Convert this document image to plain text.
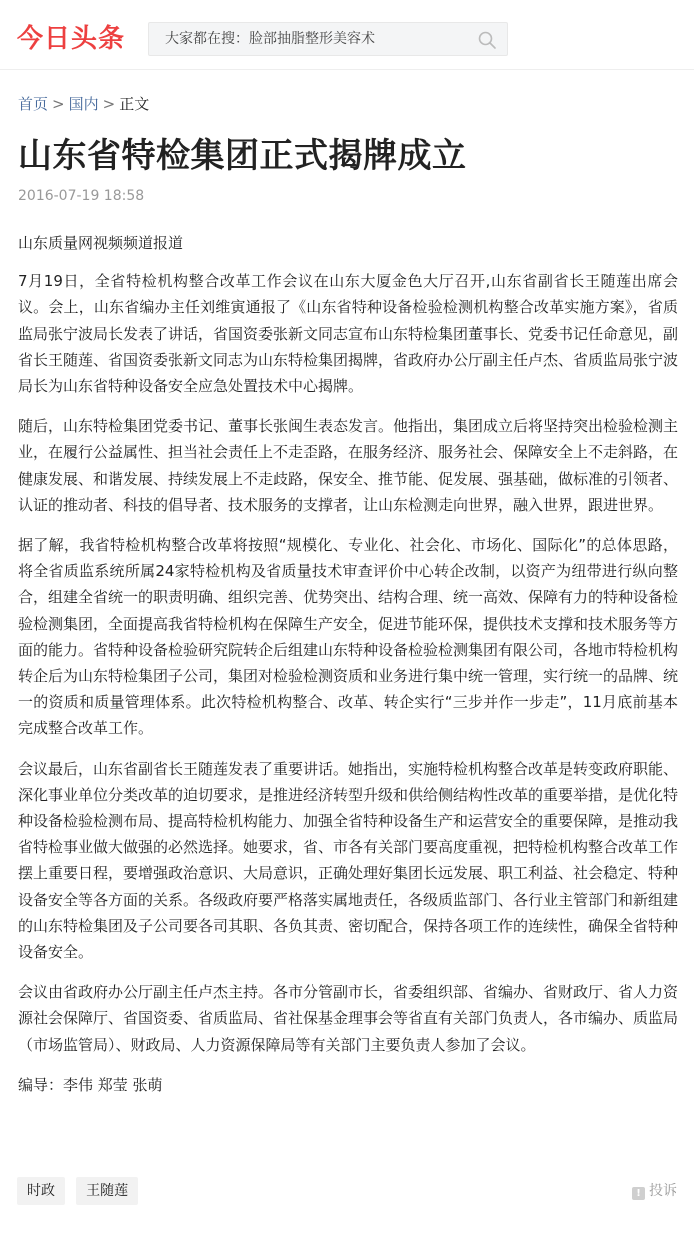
今日头条	大家都在搜：脸部抽脂整形美容术
首页 > 国内 > 正文
山东省特检集团正式揭牌成立
2016-07-19 18:58

山东质量网视频频道报道

7月19日，全省特检机构整合改革工作会议在山东大厦金色大厅召开,山东省副省长王随莲出席会议。会上，山东省编办主任刘维寅通报了《山东省特种设备检验检测机构整合改革实施方案》，省质监局张宁波局长发表了讲话，省国资委张新文同志宣布山东特检集团董事长、党委书记任命意见，副省长王随莲、省国资委张新文同志为山东特检集团揭牌，省政府办公厅副主任卢杰、省质监局张宁波局长为山东省特种设备安全应急处置技术中心揭牌。

随后，山东特检集团党委书记、董事长张闽生表态发言。他指出，集团成立后将坚持突出检验检测主业，在履行公益属性、担当社会责任上不走歪路，在服务经济、服务社会、保障安全上不走斜路，在健康发展、和谐发展、持续发展上不走歧路，保安全、推节能、促发展、强基础，做标准的引领者、认证的推动者、科技的倡导者、技术服务的支撑者，让山东检测走向世界，融入世界，跟进世界。

据了解，我省特检机构整合改革将按照“规模化、专业化、社会化、市场化、国际化”的总体思路，将全省质监系统所属24家特检机构及省质量技术审查评价中心转企改制，以资产为纽带进行纵向整合，组建全省统一的职责明确、组织完善、优势突出、结构合理、统一高效、保障有力的特种设备检验检测集团，全面提高我省特检机构在保障生产安全，促进节能环保，提供技术支撑和技术服务等方面的能力。省特种设备检验研究院转企后组建山东特种设备检验检测集团有限公司，各地市特检机构转企后为山东特检集团子公司，集团对检验检测资质和业务进行集中统一管理，实行统一的品牌、统一的资质和质量管理体系。此次特检机构整合、改革、转企实行“三步并作一步走”，11月底前基本完成整合改革工作。

会议最后，山东省副省长王随莲发表了重要讲话。她指出，实施特检机构整合改革是转变政府职能、深化事业单位分类改革的迫切要求，是推进经济转型升级和供给侧结构性改革的重要举措，是优化特种设备检验检测布局、提高特检机构能力、加强全省特种设备生产和运营安全的重要保障，是推动我省特检事业做大做强的必然选择。她要求，省、市各有关部门要高度重视，把特检机构整合改革工作摆上重要日程，要增强政治意识、大局意识，正确处理好集团长远发展、职工利益、社会稳定、特种设备安全等各方面的关系。各级政府要严格落实属地责任，各级质监部门、各行业主管部门和新组建的山东特检集团及子公司要各司其职、各负其责、密切配合，保持各项工作的连续性，确保全省特种设备安全。

会议由省政府办公厅副主任卢杰主持。各市分管副市长，省委组织部、省编办、省财政厅、省人力资源社会保障厅、省国资委、省质监局、省社保基金理事会等省直有关部门负责人，各市编办、质监局（市场监管局）、财政局、人力资源保障局等有关部门主要负责人参加了会议。

编导：李伟 郑莹 张萌

时政 王随莲	! 投诉
